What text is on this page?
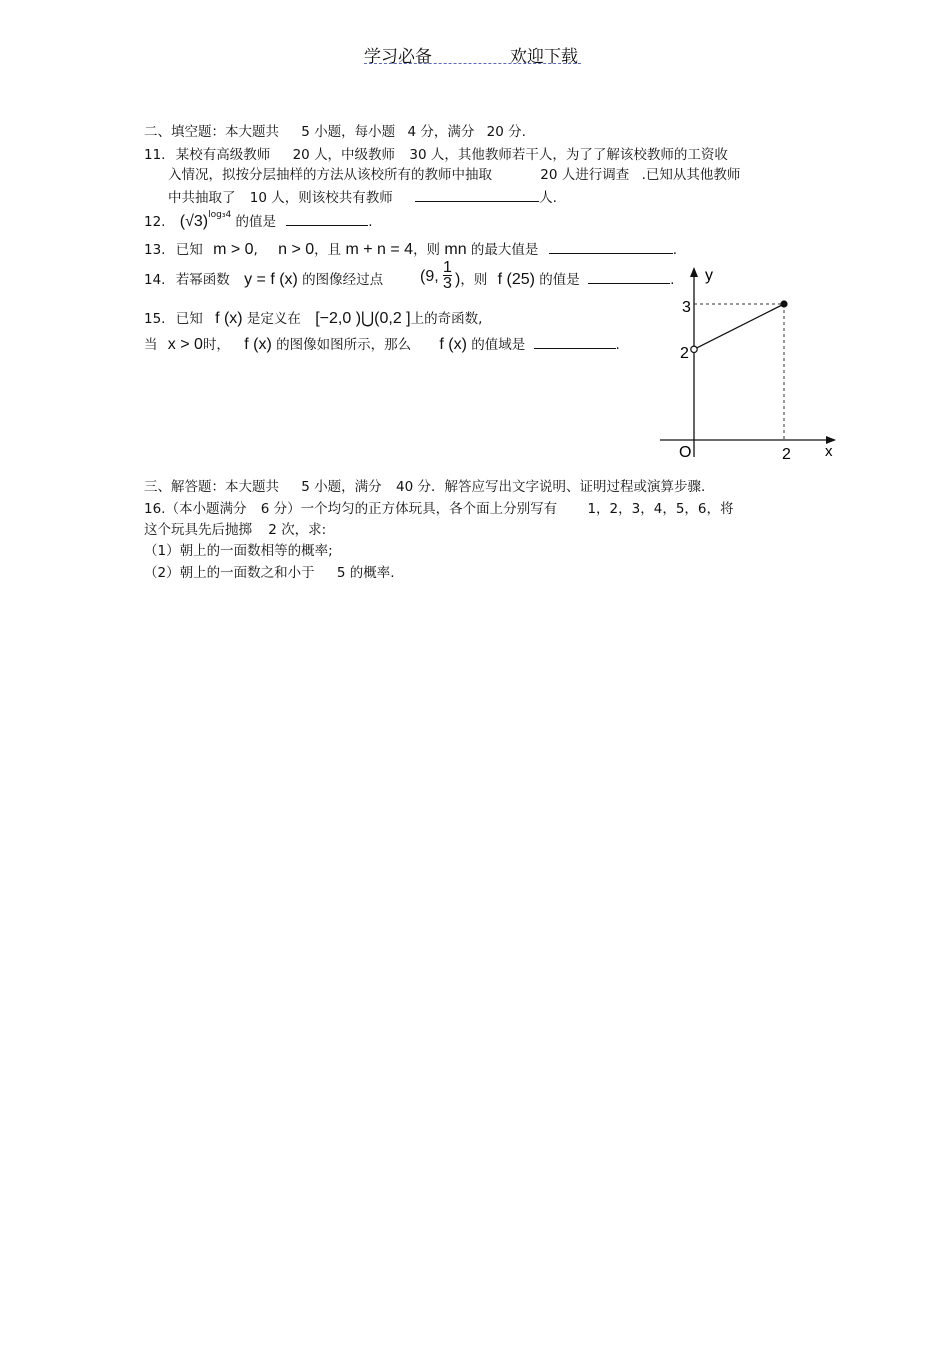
学习必备	欢迎下载
二、填空题：本大题共 5 小题，每小题 4 分，满分 20 分.
11. 某校有高级教师 20 人，中级教师 30 人，其他教师若干人，为了了解该校教师的工资收
入情况，拟按分层抽样的方法从该校所有的教师中抽取	20 人进行调查 .已知从其他教师
中共抽取了 10 人，则该校共有教师	人.
12. $(√3)^{log_34}$ 的值是	.
13. 已知 m > 0, n > 0，且 m + n = 4，则 mn 的最大值是	.
14. 若幂函数 y = f (x) 的图像经过点 (9,
1
3 )，则 f (25) 的值是	.
15. 已知 f (x) 是定义在 [−2,0 )⋃(0,2 ]上的奇函数,
当 x > 0时， f (x) 的图像如图所示，那么 f (x) 的值域是	.
y
x
O	2
2
3
三、解答题：本大题共 5 小题，满分 40 分．解答应写出文字说明、证明过程或演算步骤.
16.（本小题满分 6 分）一个均匀的正方体玩具，各个面上分别写有 1，2，3，4，5，6，将
这个玩具先后抛掷 2 次，求:
（1）朝上的一面数相等的概率;
（2）朝上的一面数之和小于 5 的概率.
